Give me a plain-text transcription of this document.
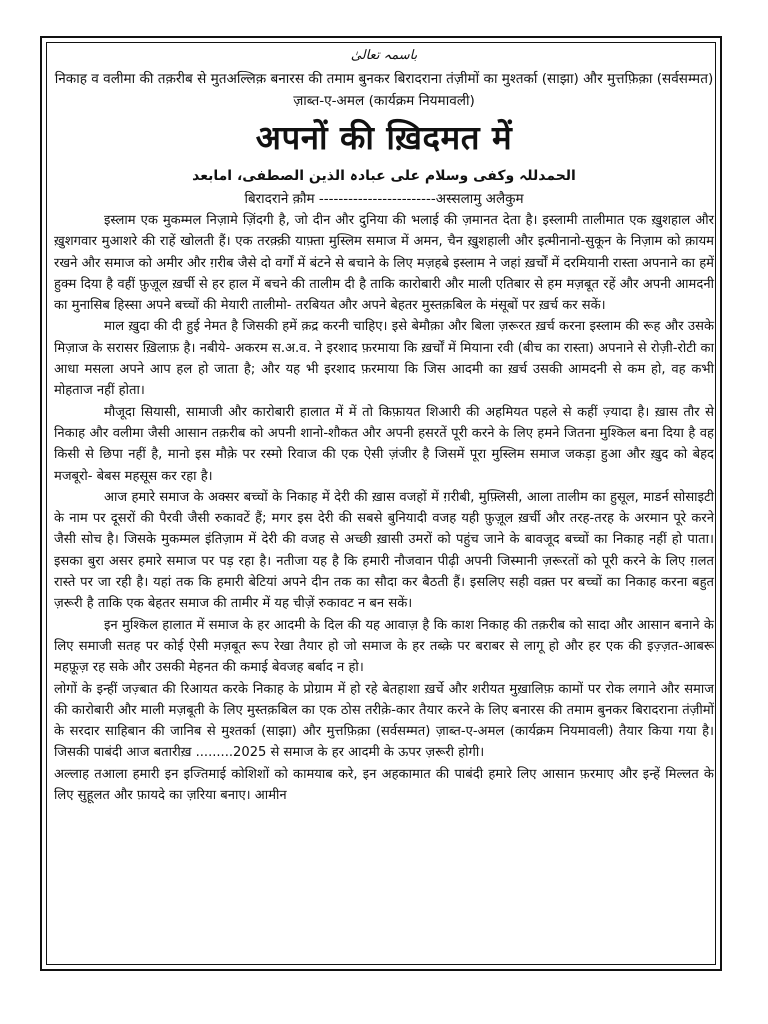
باسمہ تعالیٰ

निकाह व वलीमा की तक़रीब से मुतअल्लिक़ बनारस की तमाम बुनकर बिरादराना तंज़ीमों का मुश्तर्का (साझा) और मुत्तफ़िक़ा (सर्वसम्मत) ज़ाब्त-ए-अमल (कार्यक्रम नियमावली)

अपनों की ख़िदमत में
الحمدللہ وکفی وسلام علی عبادہ الذین الصطفی، امابعد
बिरादराने क़ौम ------------------------अस्सलामु अलैकुम

इस्लाम एक मुकम्मल निज़ामे ज़िंदगी है, जो दीन और दुनिया की भलाई की ज़मानत देता है। इस्लामी तालीमात एक ख़ुशहाल और ख़ुशगवार मुआशरे की राहें खोलती हैं। एक तरक़्क़ी याफ़्ता मुस्लिम समाज में अमन, चैन ख़ुशहाली और इत्मीनानो-सुकून के निज़ाम को क़ायम रखने और समाज को अमीर और ग़रीब जैसे दो वर्गों में बंटने से बचाने के लिए मज़हबे इस्लाम ने जहां ख़र्चों में दरमियानी रास्ता अपनाने का हमें हुक्म दिया है वहीं फ़ुज़ूल ख़र्ची से हर हाल में बचने की तालीम दी है ताकि कारोबारी और माली एतिबार से हम मज़बूत रहें और अपनी आमदनी का मुनासिब हिस्सा अपने बच्चों की मेयारी तालीमो- तरबियत और अपने बेहतर मुस्तक़बिल के मंसूबों पर ख़र्च कर सकें।

माल ख़ुदा की दी हुई नेमत है जिसकी हमें क़द्र करनी चाहिए। इसे बेमौक़ा और बिला ज़रूरत ख़र्च करना इस्लाम की रूह और उसके मिज़ाज के सरासर ख़िलाफ़ है। नबीये- अकरम स.अ.व. ने इरशाद फ़रमाया कि ख़र्चों में मियाना रवी (बीच का रास्ता) अपनाने से रोज़ी-रोटी का आधा मसला अपने आप हल हो जाता है; और यह भी इरशाद फ़रमाया कि जिस आदमी का ख़र्च उसकी आमदनी से कम हो, वह कभी मोहताज नहीं होता।

मौजूदा सियासी, सामाजी और कारोबारी हालात में में तो किफ़ायत शिआरी की अहमियत पहले से कहीं ज़्यादा है। ख़ास तौर से निकाह और वलीमा जैसी आसान तक़रीब को अपनी शानो-शौकत और अपनी हसरतें पूरी करने के लिए हमने जितना मुश्किल बना दिया है वह किसी से छिपा नहीं है, मानो इस मौक़े पर रस्मो रिवाज की एक ऐसी ज़ंजीर है जिसमें पूरा मुस्लिम समाज जकड़ा हुआ और ख़ुद को बेहद मजबूरो- बेबस महसूस कर रहा है।

आज हमारे समाज के अक्सर बच्चों के निकाह में देरी की ख़ास वजहों में ग़रीबी, मुफ़्लिसी, आला तालीम का हुसूल, माडर्न सोसाइटी के नाम पर दूसरों की पैरवी जैसी रुकावटें हैं; मगर इस देरी की सबसे बुनियादी वजह यही फ़ुज़ूल ख़र्ची और तरह-तरह के अरमान पूरे करने जैसी सोच है। जिसके मुकम्मल इंतिज़ाम में देरी की वजह से अच्छी ख़ासी उमरों को पहुंच जाने के बावजूद बच्चों का निकाह नहीं हो पाता। इसका बुरा असर हमारे समाज पर पड़ रहा है। नतीजा यह है कि हमारी नौजवान पीढ़ी अपनी जिस्मानी ज़रूरतों को पूरी करने के लिए ग़लत रास्ते पर जा रही है। यहां तक कि हमारी बेटियां अपने दीन तक का सौदा कर बैठती हैं। इसलिए सही वक़्त पर बच्चों का निकाह करना बहुत ज़रूरी है ताकि एक बेहतर समाज की तामीर में यह चीज़ें रुकावट न बन सकें।

इन मुश्किल हालात में समाज के हर आदमी के दिल की यह आवाज़ है कि काश निकाह की तक़रीब को सादा और आसान बनाने के लिए समाजी सतह पर कोई ऐसी मज़बूत रूप रेखा तैयार हो जो समाज के हर तब्क़े पर बराबर से लागू हो और हर एक की इज़्ज़त-आबरू महफ़ूज़ रह सके और उसकी मेहनत की कमाई बेवजह बर्बाद न हो।

लोगों के इन्हीं जज़्बात की रिआयत करके निकाह के प्रोग्राम में हो रहे बेतहाशा ख़र्चे और शरीयत मुख़ालिफ़ कामों पर रोक लगाने और समाज की कारोबारी और माली मज़बूती के लिए मुस्तक़बिल का एक ठोस तरीक़े-कार तैयार करने के लिए बनारस की तमाम बुनकर बिरादराना तंज़ीमों के सरदार साहिबान की जानिब से मुश्तर्का (साझा) और मुत्तफ़िक़ा (सर्वसम्मत) ज़ाब्त-ए-अमल (कार्यक्रम नियमावली) तैयार किया गया है। जिसकी पाबंदी आज बतारीख़ .........2025 से समाज के हर आदमी के ऊपर ज़रूरी होगी।

अल्लाह तआला हमारी इन इज्तिमाई कोशिशों को कामयाब करे, इन अहकामात की पाबंदी हमारे लिए आसान फ़रमाए और इन्हें मिल्लत के लिए सुहूलत और फ़ायदे का ज़रिया बनाए। आमीन
